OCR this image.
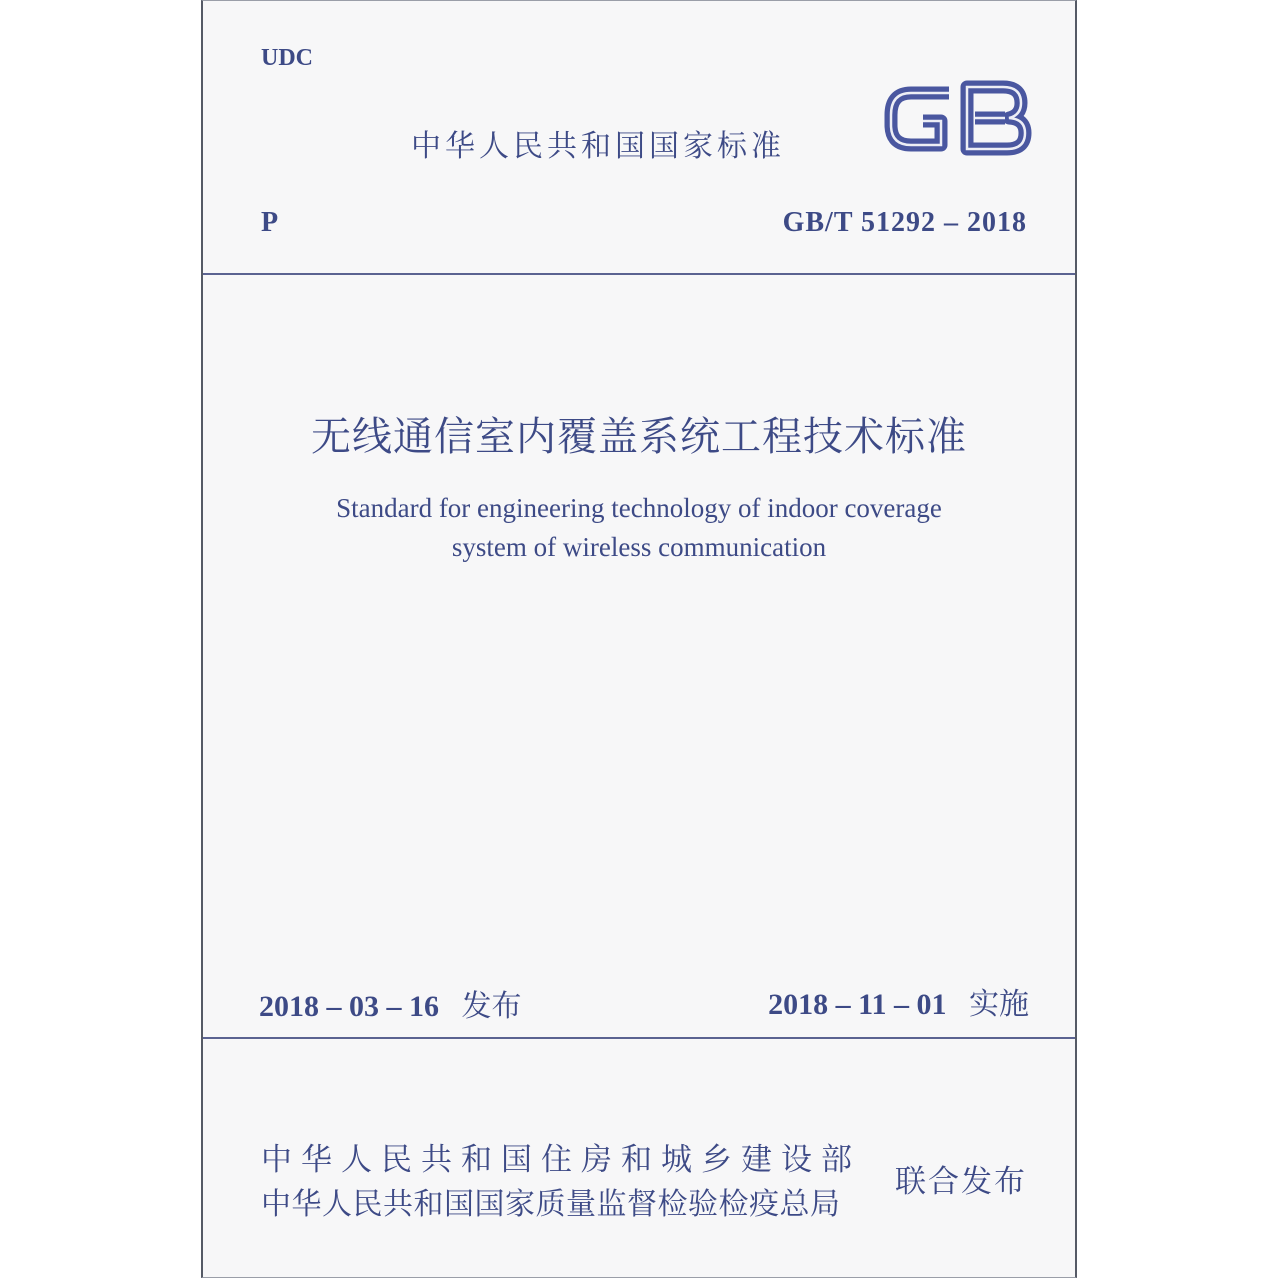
UDC
中华人民共和国国家标准
P	GB/T 51292 – 2018
无线通信室内覆盖系统工程技术标准
Standard for engineering technology of indoor coverage
system of wireless communication
2018 – 03 – 16 发布	2018 – 11 – 01 实施
中华人民共和国住房和城乡建设部
中华人民共和国国家质量监督检验检疫总局
联合发布
